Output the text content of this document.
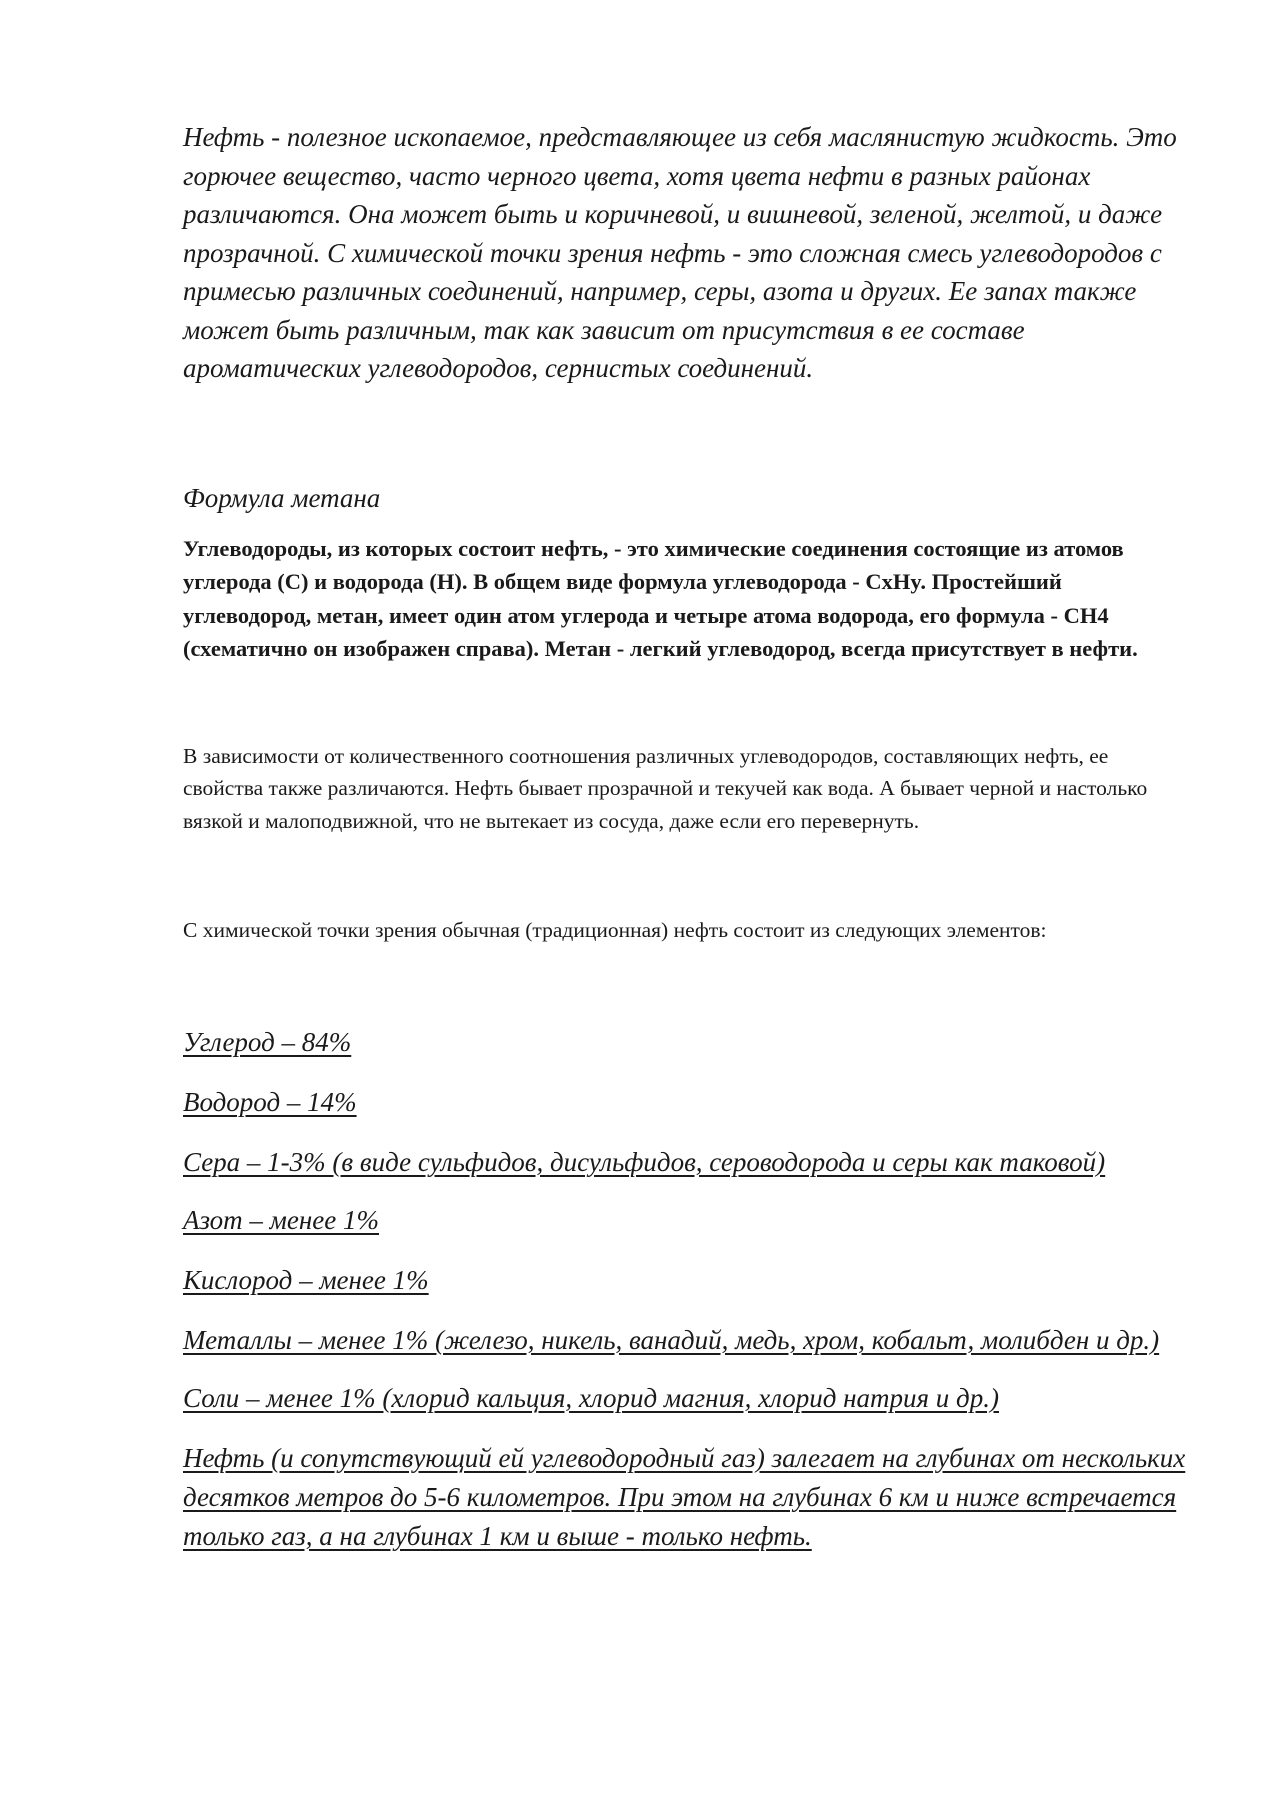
Нефть - полезное ископаемое, представляющее из себя маслянистую жидкость. Это горючее вещество, часто черного цвета, хотя цвета нефти в разных районах различаются. Она может быть и коричневой, и вишневой, зеленой, желтой, и даже прозрачной. С химической точки зрения нефть - это сложная смесь углеводородов с примесью различных соединений, например, серы, азота и других. Ее запах также может быть различным, так как зависит от присутствия в ее составе ароматических углеводородов, сернистых соединений.

Формула метана

Углеводороды, из которых состоит нефть, - это химические соединения состоящие из атомов углерода (С) и водорода (Н). В общем виде формула углеводорода - СxНy. Простейший углеводород, метан, имеет один атом углерода и четыре атома водорода, его формула - СН4 (схематично он изображен справа). Метан - легкий углеводород, всегда присутствует в нефти.

В зависимости от количественного соотношения различных углеводородов, составляющих нефть, ее свойства также различаются. Нефть бывает прозрачной и текучей как вода. А бывает черной и настолько вязкой и малоподвижной, что не вытекает из сосуда, даже если его перевернуть.

С химической точки зрения обычная (традиционная) нефть состоит из следующих элементов:

Углерод – 84%
Водород – 14%
Сера – 1-3% (в виде сульфидов, дисульфидов, сероводорода и серы как таковой)
Азот – менее 1%
Кислород – менее 1%
Металлы – менее 1% (железо, никель, ванадий, медь, хром, кобальт, молибден и др.)
Соли – менее 1% (хлорид кальция, хлорид магния, хлорид натрия и др.)
Нефть (и сопутствующий ей углеводородный газ) залегает на глубинах от нескольких десятков метров до 5-6 километров. При этом на глубинах 6 км и ниже встречается только газ, а на глубинах 1 км и выше - только нефть.
